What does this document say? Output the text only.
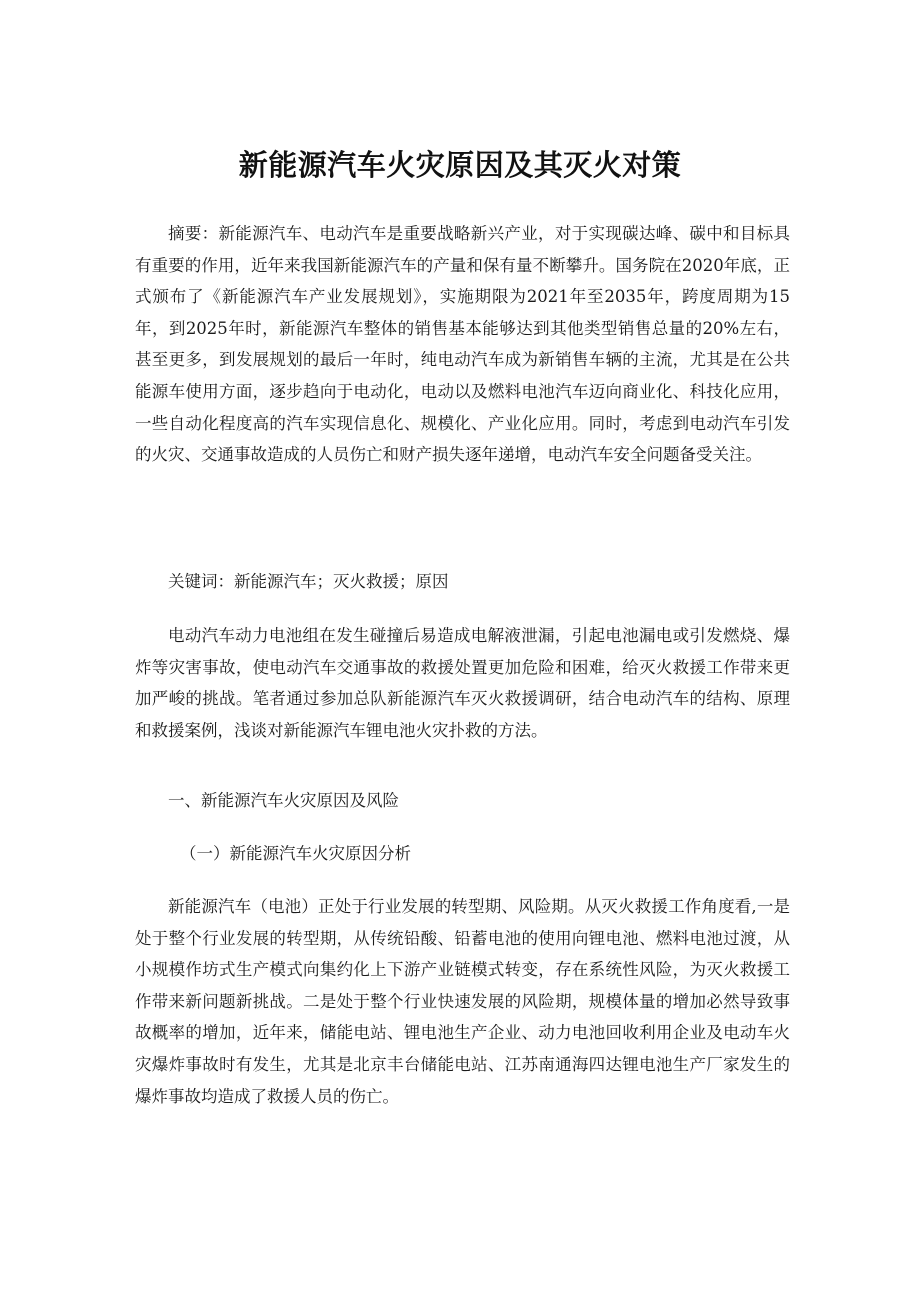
新能源汽车火灾原因及其灭火对策

摘要：新能源汽车、电动汽车是重要战略新兴产业，对于实现碳达峰、碳中和目标具有重要的作用，近年来我国新能源汽车的产量和保有量不断攀升。国务院在2020年底，正式颁布了《新能源汽车产业发展规划》，实施期限为2021年至2035年，跨度周期为15年，到2025年时，新能源汽车整体的销售基本能够达到其他类型销售总量的20%左右，甚至更多，到发展规划的最后一年时，纯电动汽车成为新销售车辆的主流，尤其是在公共能源车使用方面，逐步趋向于电动化，电动以及燃料电池汽车迈向商业化、科技化应用，一些自动化程度高的汽车实现信息化、规模化、产业化应用。同时，考虑到电动汽车引发的火灾、交通事故造成的人员伤亡和财产损失逐年递增，电动汽车安全问题备受关注。

关键词：新能源汽车；灭火救援；原因

电动汽车动力电池组在发生碰撞后易造成电解液泄漏，引起电池漏电或引发燃烧、爆炸等灾害事故，使电动汽车交通事故的救援处置更加危险和困难，给灭火救援工作带来更加严峻的挑战。笔者通过参加总队新能源汽车灭火救援调研，结合电动汽车的结构、原理和救援案例，浅谈对新能源汽车锂电池火灾扑救的方法。

一、新能源汽车火灾原因及风险

（一）新能源汽车火灾原因分析

新能源汽车（电池）正处于行业发展的转型期、风险期。从灭火救援工作角度看,一是处于整个行业发展的转型期，从传统铅酸、铅蓄电池的使用向锂电池、燃料电池过渡，从小规模作坊式生产模式向集约化上下游产业链模式转变，存在系统性风险，为灭火救援工作带来新问题新挑战。二是处于整个行业快速发展的风险期，规模体量的增加必然导致事故概率的增加，近年来，储能电站、锂电池生产企业、动力电池回收利用企业及电动车火灾爆炸事故时有发生，尤其是北京丰台储能电站、江苏南通海四达锂电池生产厂家发生的爆炸事故均造成了救援人员的伤亡。
